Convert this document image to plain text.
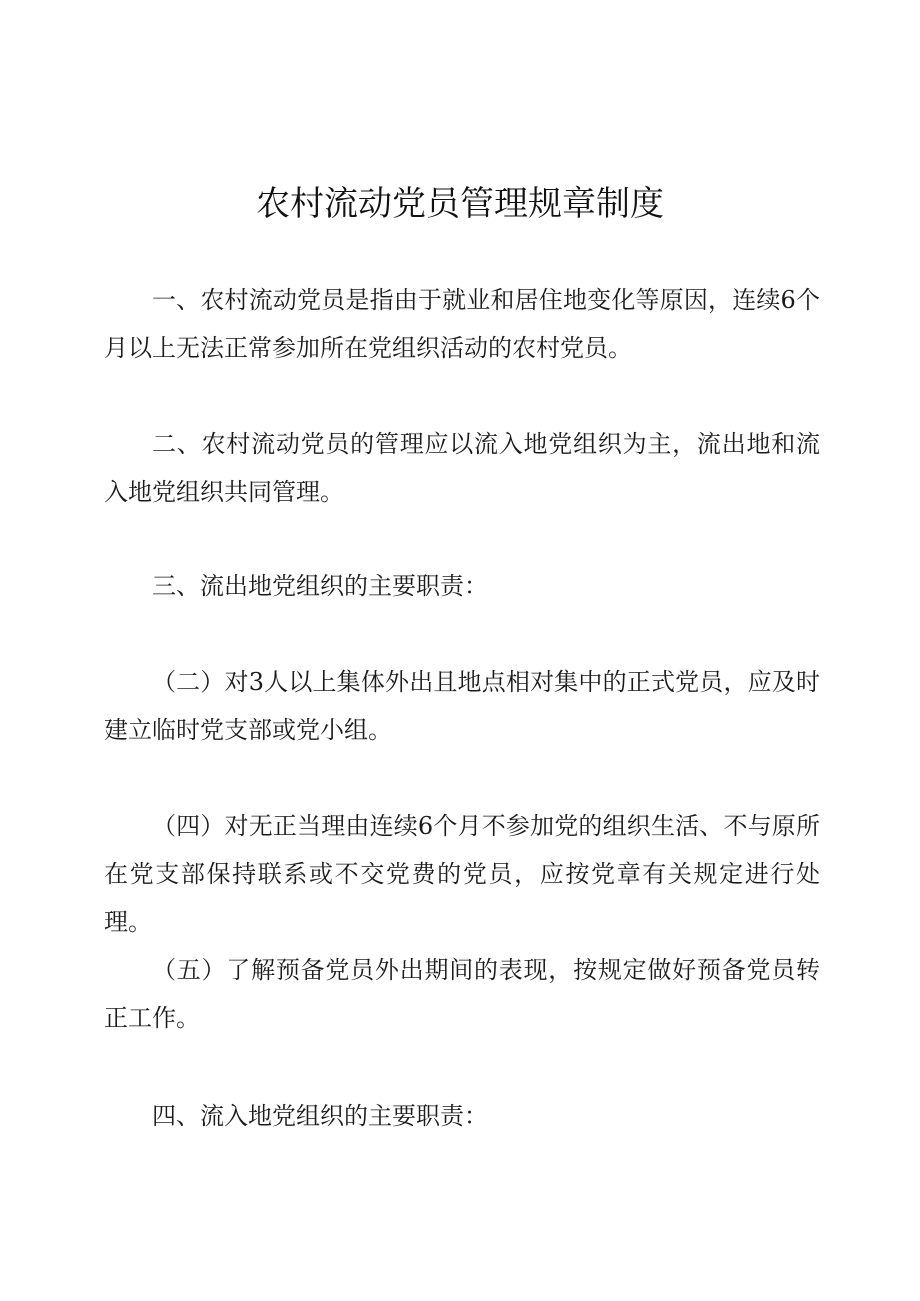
农村流动党员管理规章制度

一、农村流动党员是指由于就业和居住地变化等原因，连续6个月以上无法正常参加所在党组织活动的农村党员。

二、农村流动党员的管理应以流入地党组织为主，流出地和流入地党组织共同管理。

三、流出地党组织的主要职责：

（二）对3人以上集体外出且地点相对集中的正式党员，应及时建立临时党支部或党小组。

（四）对无正当理由连续6个月不参加党的组织生活、不与原所在党支部保持联系或不交党费的党员，应按党章有关规定进行处理。

（五）了解预备党员外出期间的表现，按规定做好预备党员转正工作。

四、流入地党组织的主要职责：
